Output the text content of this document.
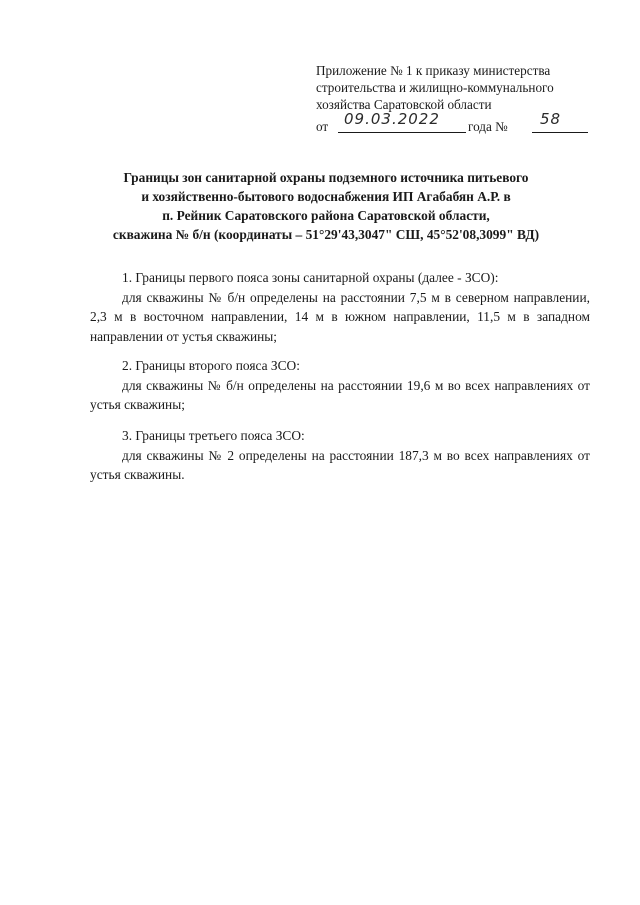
Приложение № 1 к приказу министерства
строительства и жилищно-коммунального
хозяйства Саратовской области
от 09.03.2022 года № 58
Границы зон санитарной охраны подземного источника питьевого
и хозяйственно-бытового водоснабжения ИП Агабабян А.Р. в
п. Рейник Саратовского района Саратовской области,
скважина № б/н (координаты – 51°29'43,3047" СШ, 45°52'08,3099" ВД)
1. Границы первого пояса зоны санитарной охраны (далее - ЗСО):
для скважины № б/н определены на расстоянии 7,5 м в северном направлении, 2,3 м в восточном направлении, 14 м в южном направлении, 11,5 м в западном направлении от устья скважины;
2. Границы второго пояса ЗСО:
для скважины № б/н определены на расстоянии 19,6 м во всех направлениях от устья скважины;
3. Границы третьего пояса ЗСО:
для скважины № 2 определены на расстоянии 187,3 м во всех направлениях от устья скважины.
